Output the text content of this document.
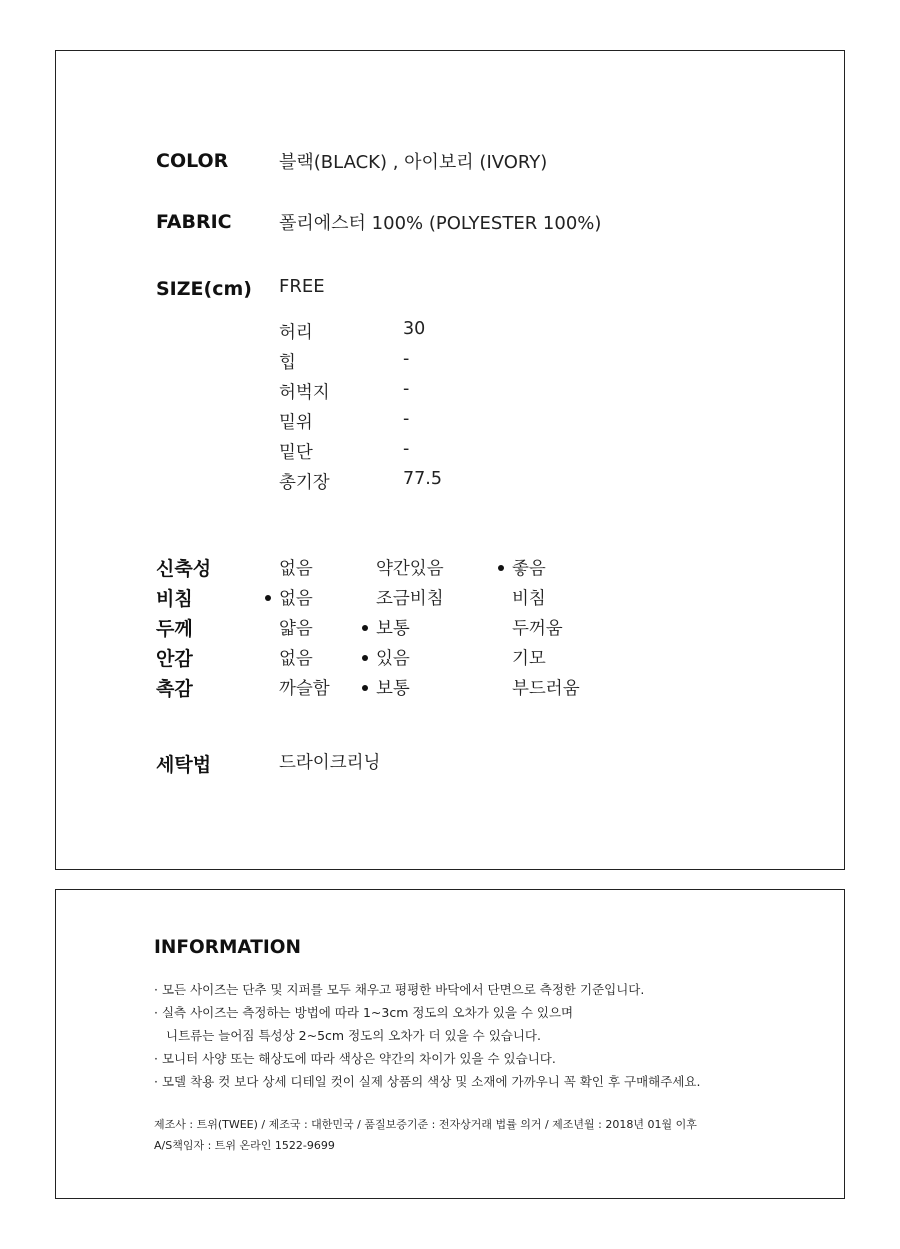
COLOR	블랙(BLACK) , 아이보리 (IVORY)
FABRIC	폴리에스터 100% (POLYESTER 100%)
SIZE(cm) FREE
허리	30
힙	-
허벅지	-
밑위	-
밑단	-
총기장	77.5
신축성	없음	약간있음	좋음
비침	없음	조금비침	비침
두께	얇음	보통	두꺼움
안감	없음	있음	기모
촉감	까슬함	보통	부드러움
세탁법	드라이크리닝
INFORMATION
· 모든 사이즈는 단추 및 지퍼를 모두 채우고 평평한 바닥에서 단면으로 측정한 기준입니다.
· 실측 사이즈는 측정하는 방법에 따라 1~3cm 정도의 오차가 있을 수 있으며
니트류는 늘어짐 특성상 2~5cm 정도의 오차가 더 있을 수 있습니다.
· 모니터 사양 또는 해상도에 따라 색상은 약간의 차이가 있을 수 있습니다.
· 모델 착용 컷 보다 상세 디테일 컷이 실제 상품의 색상 및 소재에 가까우니 꼭 확인 후 구매해주세요.
제조사 : 트위(TWEE) / 제조국 : 대한민국 / 품질보증기준 : 전자상거래 법률 의거 / 제조년월 : 2018년 01월 이후
A/S책임자 : 트위 온라인 1522-9699
